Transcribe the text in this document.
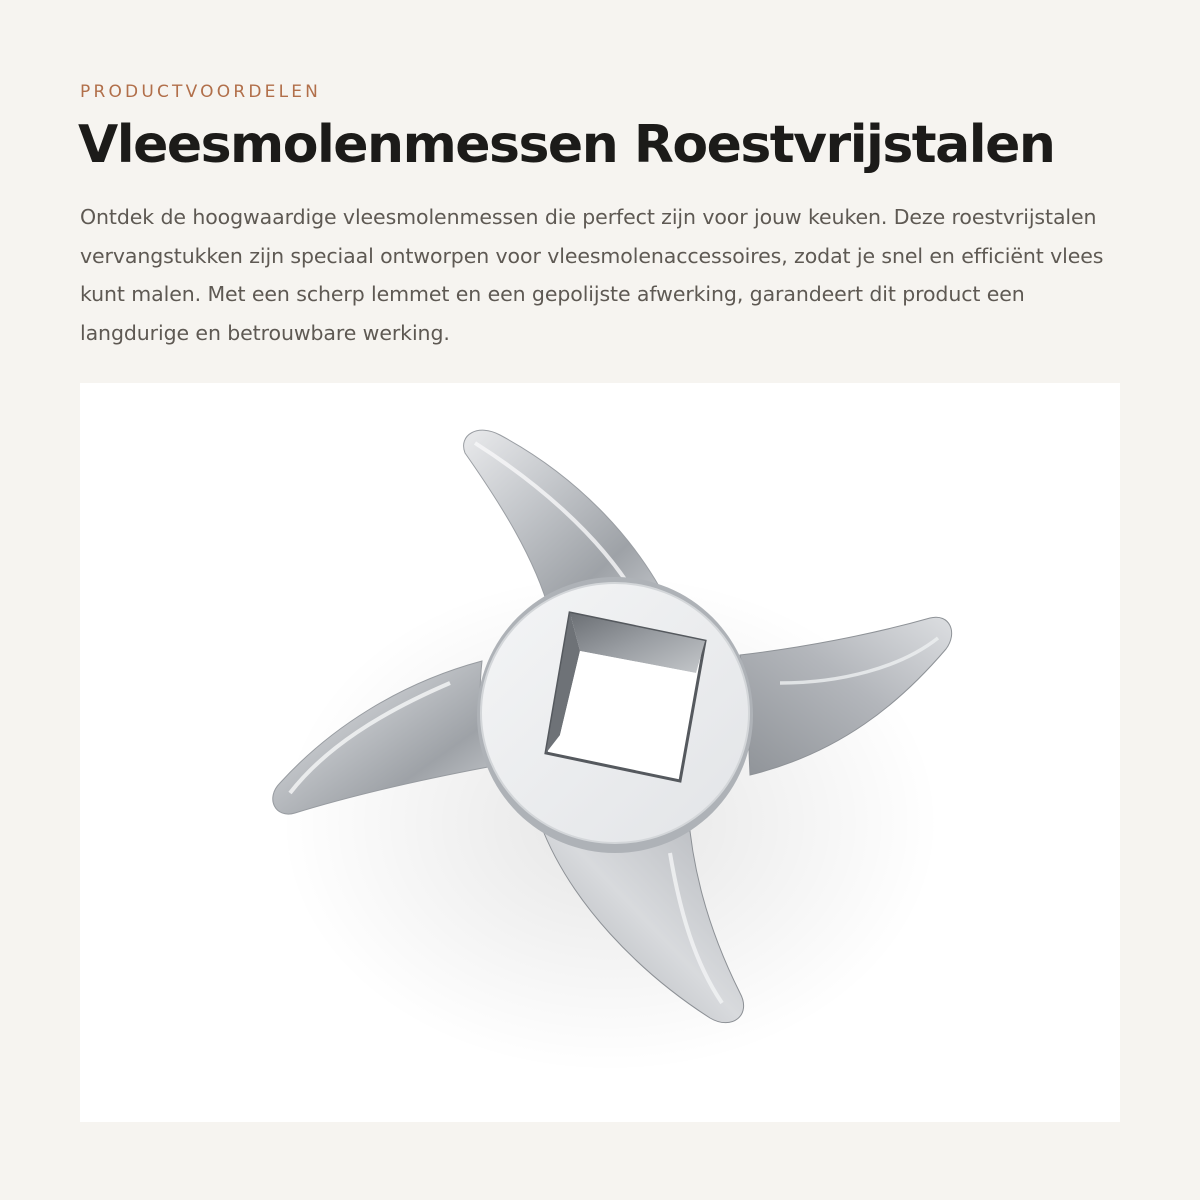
PRODUCTVOORDELEN

Vleesmolenmessen Roestvrijstalen

Ontdek de hoogwaardige vleesmolenmessen die perfect zijn voor jouw keuken. Deze roestvrijstalen vervangstukken zijn speciaal ontworpen voor vleesmolenaccessoires, zodat je snel en efficiënt vlees kunt malen. Met een scherp lemmet en een gepolijste afwerking, garandeert dit product een langdurige en betrouwbare werking.
